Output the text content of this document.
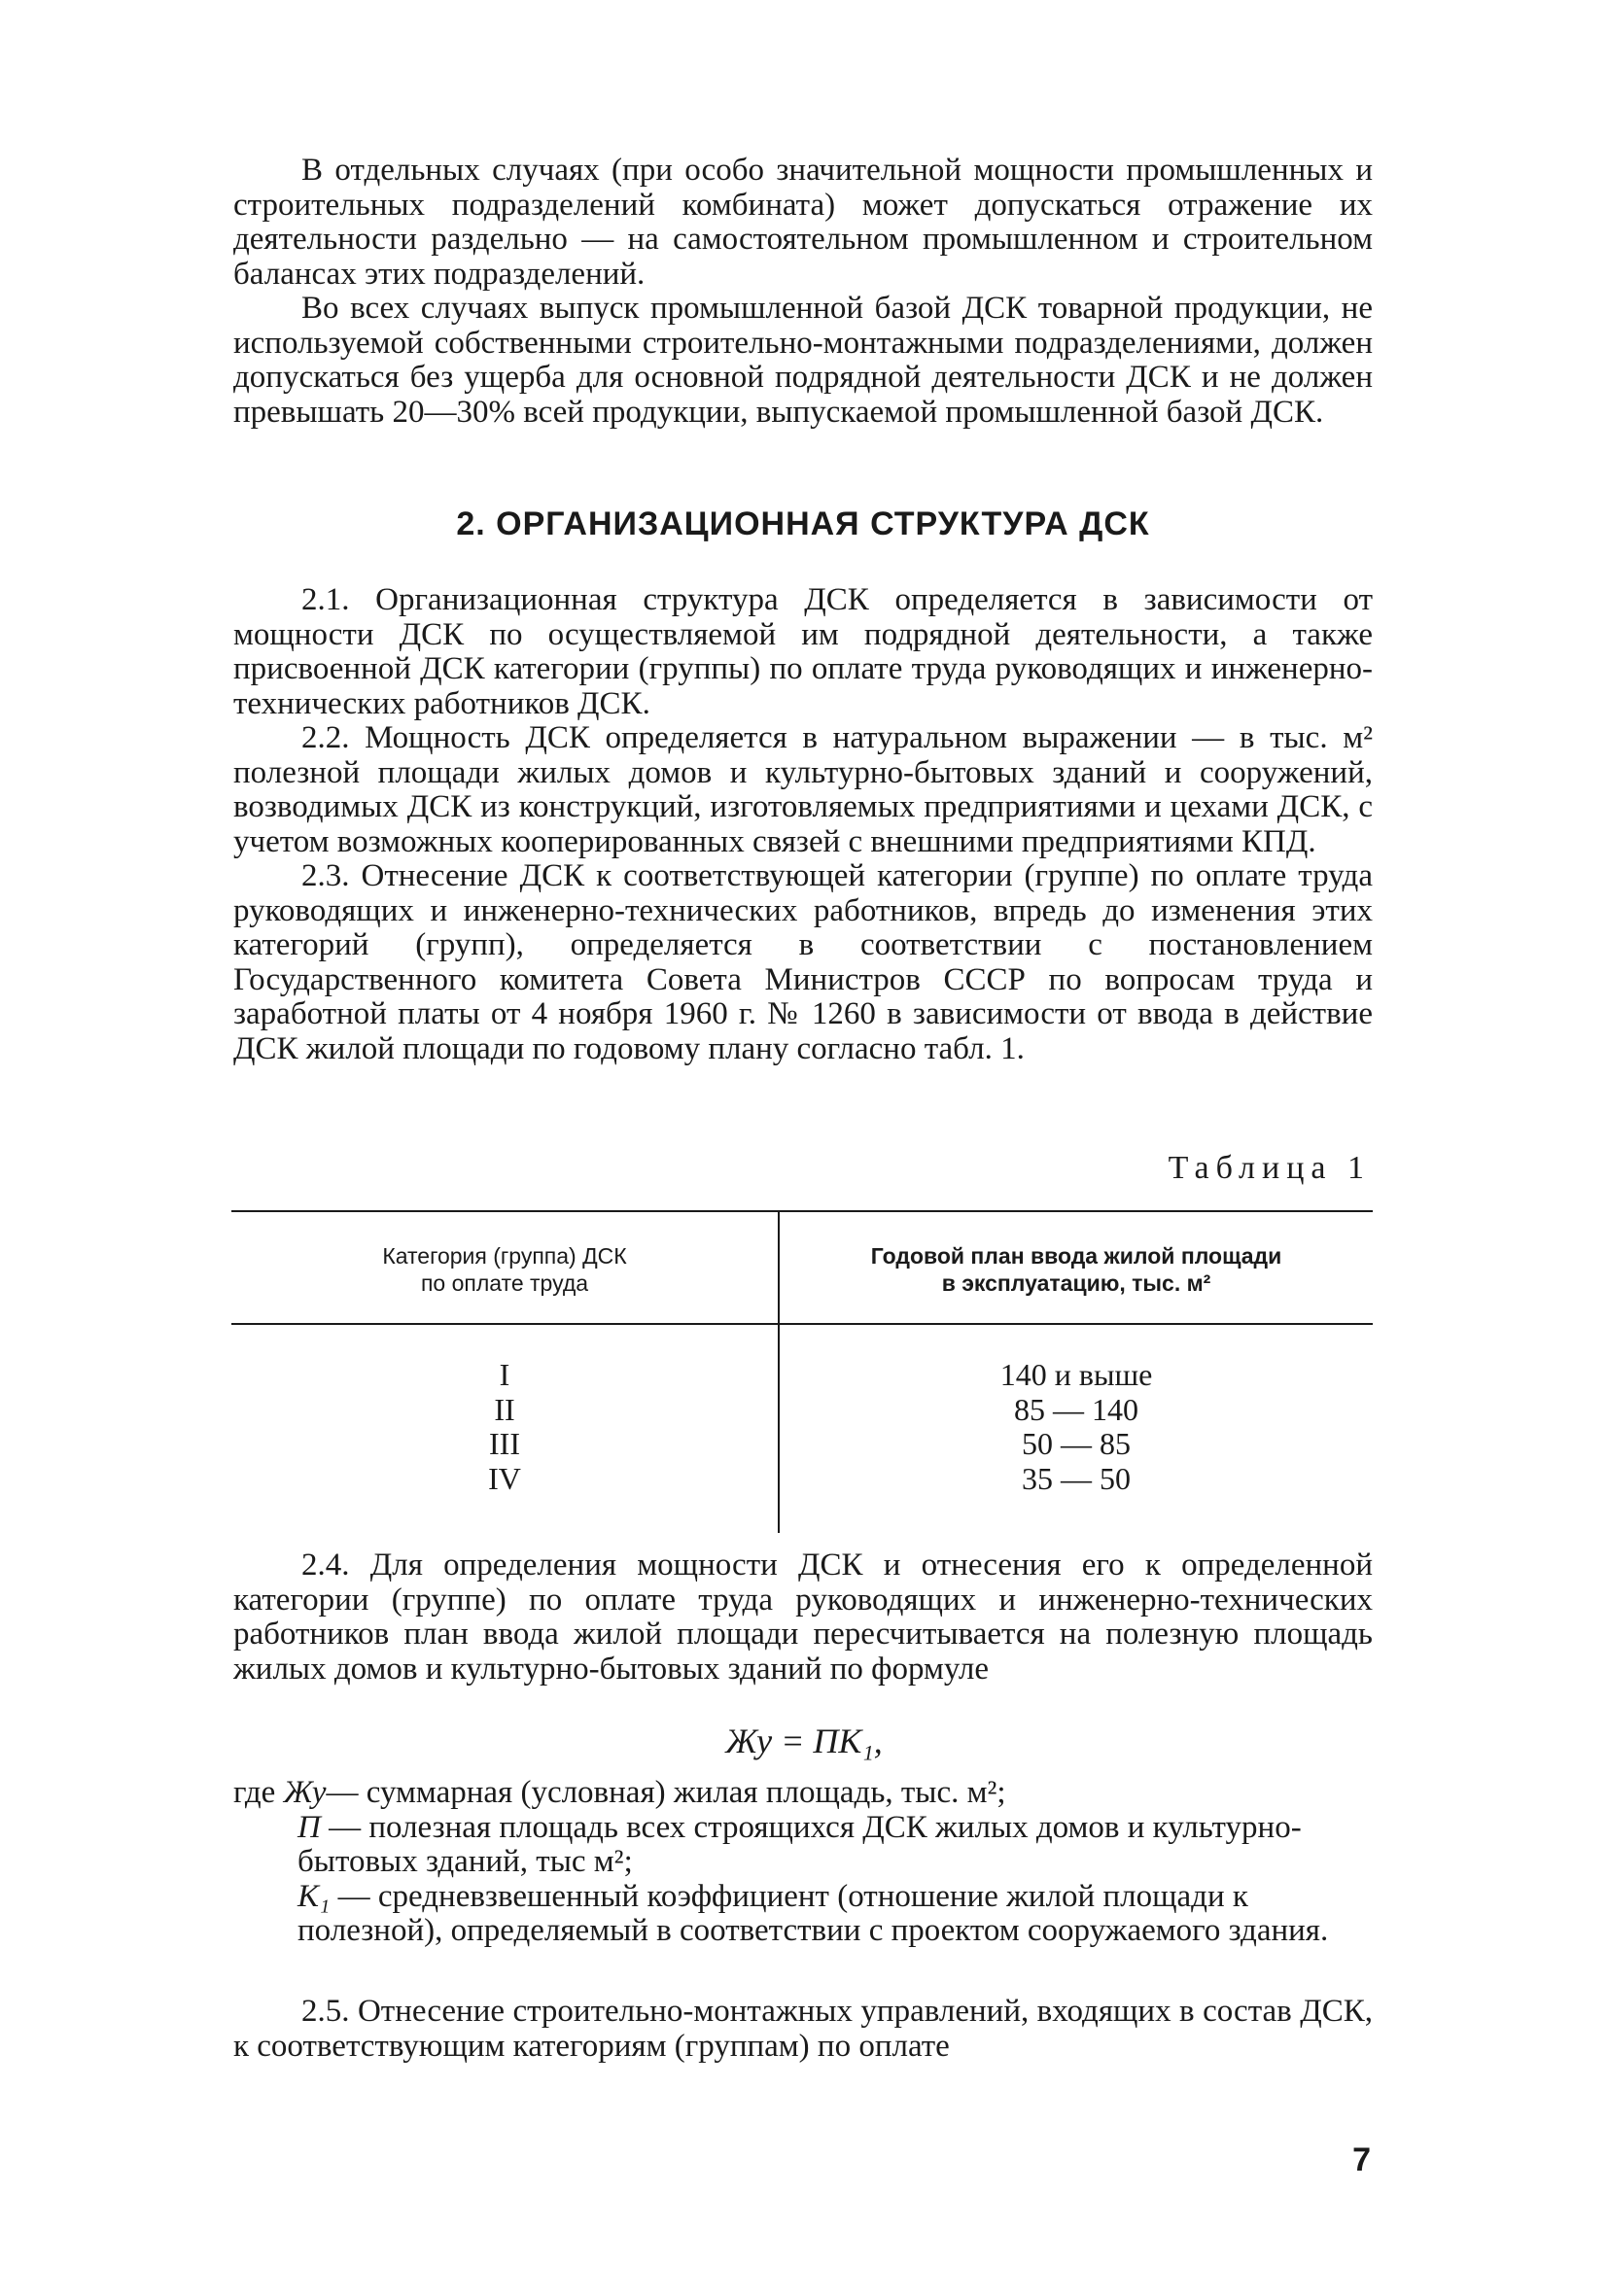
В отдельных случаях (при особо значительной мощности промышленных и строительных подразделений комбината) может допускаться отражение их деятельности раздельно — на самостоятельном промышленном и строительном балансах этих подразделений.

Во всех случаях выпуск промышленной базой ДСК товарной продукции, не используемой собственными строительно-монтажными подразделениями, должен допускаться без ущерба для основной подрядной деятельности ДСК и не должен превышать 20—30% всей продукции, выпускаемой промышленной базой ДСК.

2. ОРГАНИЗАЦИОННАЯ СТРУКТУРА ДСК

2.1. Организационная структура ДСК определяется в зависимости от мощности ДСК по осуществляемой им подрядной деятельности, а также присвоенной ДСК категории (группы) по оплате труда руководящих и инженерно-технических работников ДСК.

2.2. Мощность ДСК определяется в натуральном выражении — в тыс. м² полезной площади жилых домов и культурно-бытовых зданий и сооружений, возводимых ДСК из конструкций, изготовляемых предприятиями и цехами ДСК, с учетом возможных кооперированных связей с внешними предприятиями КПД.

2.3. Отнесение ДСК к соответствующей категории (группе) по оплате труда руководящих и инженерно-технических работников, впредь до изменения этих категорий (групп), определяется в соответствии с постановлением Государственного комитета Совета Министров СССР по вопросам труда и заработной платы от 4 ноября 1960 г. № 1260 в зависимости от ввода в действие ДСК жилой площади по годовому плану согласно табл. 1.

Таблица 1
Категория (группа) ДСК
по оплате труда
Годовой план ввода жилой площади
в эксплуатацию, тыс. м²
I
II
III
IV
140 и выше
85 — 140
50 — 85
35 — 50

2.4. Для определения мощности ДСК и отнесения его к определенной категории (группе) по оплате труда руководящих и инженерно-технических работников план ввода жилой площади пересчитывается на полезную площадь жилых домов и культурно-бытовых зданий по формуле

Жу = ПК₁,
где Жу— суммарная (условная) жилая площадь, тыс. м²;
П — полезная площадь всех строящихся ДСК жилых домов и культурно-бытовых зданий, тыс м²;
К₁ — средневзвешенный коэффициент (отношение жилой площади к полезной), определяемый в соответствии с проектом сооружаемого здания.

2.5. Отнесение строительно-монтажных управлений, входящих в состав ДСК, к соответствующим категориям (группам) по оплате

7
